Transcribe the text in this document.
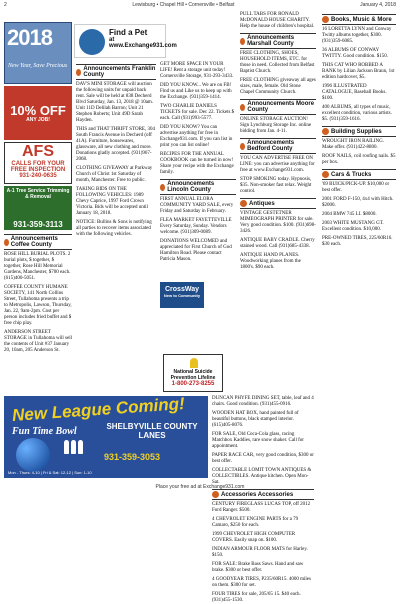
2	Lewisburg • Chapel Hill • Cornersville • Belfast	January 4, 2018
2018
New Year, Save Precious
10% OFF
ANY JOB!
AFS
CALLS FOR YOUR FREE INSPECTION
931-240-0635
A-1 Tree Service Trimming & Removal
931-359-3113
Find a Pet
at www.Exchange931.com
Announcements Coffee County

ROSE HILL BURIAL PLOTS. 2 burial plots, $ together, $ together, Rose Hill Memorial Gardens, Manchester, $700 each. (615)400-5051.

COFFEE COUNTY HUMANE SOCIETY, 141 North Collins Street, Tullahoma presents a trip to Metropolis, Lawson, Thursday, Jan. 22, 9am-2pm. Cost per person includes fried buffet and $ free chip play.

ANDERSON STREET STORAGE in Tullahoma will sell the contents of Unit #37 January 20, 10am, 205 Anderson St.

Announcements Franklin County

DAV'S MINI STORAGE will auction the following units for unpaid back rent. Sale will be held at 838 Decherd Blvd Saturday, Jan. 13, 2018 @ 10am. Unit 11D Delilah Barron; Unit 21 Stephen Roberts; Unit 49D Sarah Hayden.

THIS and THAT THRIFT STORE, 304 South Francis Avenue in Decherd (off 41A). Furniture, housewares, glassware, all new clothing and more. Donations gladly accepted. (931)967-2068.

CLOTHING GIVEAWAY at Parkway Church of Christ 1st Saturday of month, Manchester. Free to public.

TAKING BIDS ON THE FOLLOWING VEHICLES: 1989 Chevy Caprice, 1997 Ford Crown Victoria. Bids will be accepted until January 18, 2018.

NOTICE: Bullins & Sons is notifying all parties to recover items associated with the following vehicles.

GET MORE SPACE IN YOUR LIFE! Rent a storage unit today! Cornersville Storage, 931-293-3433.

DID YOU KNOW... We are on FB! Find us and Like us to keep up with the Exchange. (931)359-1414.

TWO CHARLIE DANIELS TICKETS for sale. Dec 22. Tickets $ each. Call (931)993-5577.

DID YOU KNOW? You can advertise anything for free in Exchange931.com. If you can list in print you can list online!

RECIPES FOR THE ANNUAL COOKBOOK can be turned in now! Share your recipe with the Exchange family.

Announcements Lincoln County

FIRST ANNUAL ELORA COMMUNITY YARD SALE, every Friday and Saturday in February.

FLEA MARKET FAYETTEVILLE Every Saturday, Sunday. Vendors welcome. (931)309-0089.

DONATIONS WELCOMED and appreciated for First Church of God Hamilton Road. Please contact Patricia Mason.

CrossWay
New to Community
National Suicide Prevention Lifeline
1-800-273-8255

PULL TABS FOR RONALD McDONALD HOUSE CHARITY. Help the house of children's hospital.

Announcements Marshall County

FREE CLOTHING, SHOES, HOUSEHOLD ITEMS, ETC. for those in need. Collected from Belfast Baptist Church.

FREE CLOTHING giveaway all ages sizes, male, female. Old Stone Chapel Community Church.

Announcements Moore County

ONLINE STORAGE AUCTION! Sign Lynchburg Storage Inc. online bidding from Jan. 4-11.

Announcements Bedford County

YOU CAN ADVERTISE FREE ON LINE: you can advertise anything for free at www.Exchange931.com.

STOP SMOKING today. Hypnosis, $35. Non-smoker fast relax. Weight control.

Antiques

VINTAGE GESTETNER MIMEOGRAPH PRINTER for sale. Very good condition. $100. (931)698-3426.

ANTIQUE BABY CRADLE. Cherry stained wood. Call (931)685-4338.

ANTIQUE HAND PLANES. Woodworking planes from the 1800's. $90 each.

DUNCAN PHYFE DINING SET, table, leaf and 4 chairs. Good condition. (931)455-0916.

WOODEN HAT BOX, hand painted full of beautiful buttons, black stamped interior. (615)405-8076.

FOR SALE, Old Coca-Cola glass, racing Matchbox Kaddies, rare snow shaker. Call for appointment.

PAPER RACE CAR, very good condition, $300 or best offer.

COLLECTABLE LOMIT TOWN ANTIQUES & COLLECTIBLES. Antique kitchen. Open Mon-Sat.

Accessories Accessories

CENTURY FIREGLASS LUCAS TOP, off 2012 Ford Ranger. $500.

4 CHEVROLET ENGINE PARTS for a 79 Camaro, $250 for each.

1999 CHEVROLET HIGH COMPUTER COVERS. Easily snap on. $100.

INDIAN ARMOUR FLOOR MATS for Harley. $150.

FOR SALE: Brake Bass Saws. Hand and saw brake. $300 or best offer.

4 GOODYEAR TIRES, P235/60R15. 4000 miles on them. $300 for set.

FOUR TIRES for sale, 205/65 15. $40 each. (931)455-1530.

Books, Music & More

16 LORETTA LYNN and Conway Twitty albums together, $300. (931)359-6085.

36 ALBUMS OF CONWAY TWITTY. Good condition. $150.

THIS CAT WHO ROBBED A BANK by Lilian Jackson Braun, 1st edition hardcover, $5.

1996 ILLUSTRATED CATALOGUE, Baseball Books. $100.

400 ALBUMS, all types of music, excellent condition, various artists. $5. (931)359-1616.

Building Supplies

WROUGHT IRON RAILING. Make offer. (931)422-8800.

ROOF NAILS, coil roofing nails. $5 per box.

Cars & Trucks

'69 BUICK/PICK-UP. $10,000 or best offer.

2001 FORD F-150, 4x4 with Hitch. $2000.

2004 BMW 745 LI. $8000.

2003 WHITE MUSTANG GT. Excellent condition. $10,000.

PRE-OWNED TIRES, 225/60R16. $30 each.

New League Coming!
Fun Time Bowl	SHELBYVILLE COUNTY LANES
931-359-3053
Mon - Thurs: 4-10 | Fri & Sat: 12-12 | Sun: 1-10
Place your free ad at Exchange931.com
